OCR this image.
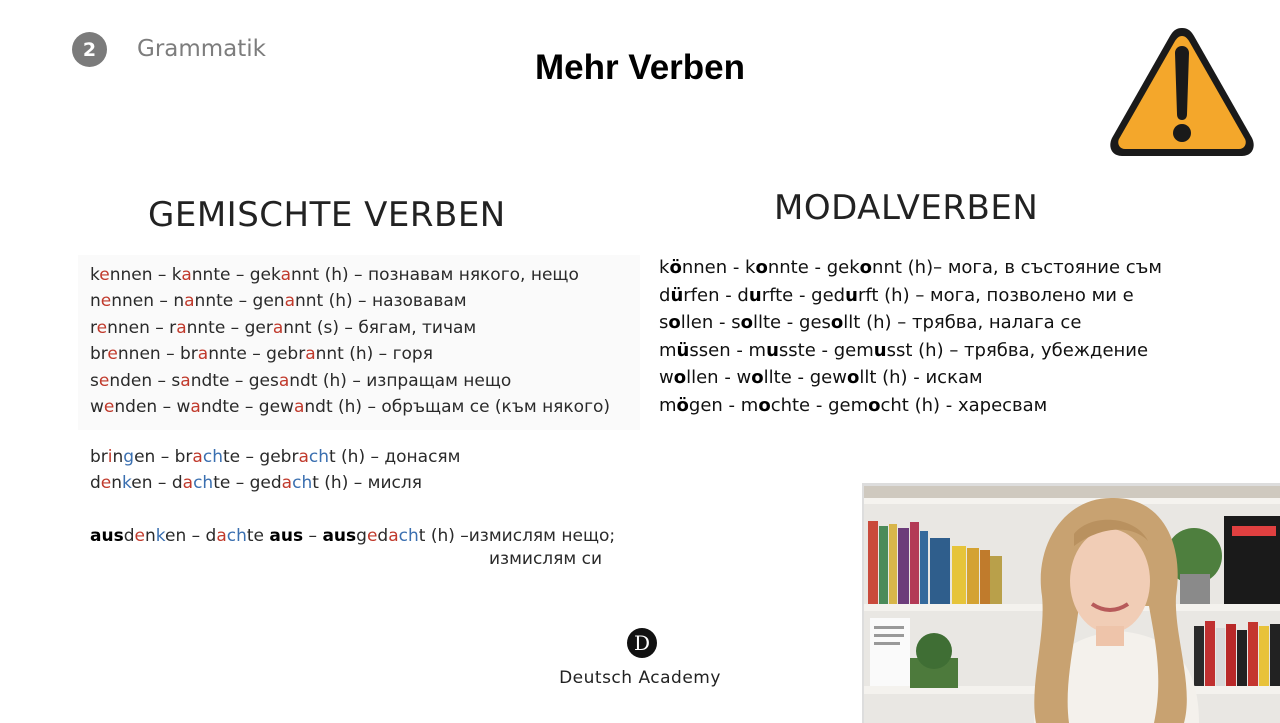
2	Grammatik	Mehr Verben
GEMISCHTE VERBEN	MODALVERBEN
kennen – kannte – gekannt (h) – познавам някого, нещо
nennen – nannte – genannt (h) – назовавам
rennen – rannte – gerannt (s) – бягам, тичам
brennen – brannte – gebrannt (h) – горя
senden – sandte – gesandt (h) – изпращам нещо
wenden – wandte – gewandt (h) – обръщам се (към някого)
bringen – brachte – gebracht (h) – донасям
denken – dachte – gedacht (h) – мисля
ausdenken – dachte aus – ausgedacht (h) –измислям нещо;
измислям си
können - konnte - gekonnt (h)– мога, в състояние съм
dürfen - durfte - gedurft (h) – мога, позволено ми е
sollen - sollte - gesollt (h) – трябва, налага се
müssen - musste - gemusst (h) – трябва, убеждение
wollen - wollte - gewollt (h) - искам
mögen - mochte - gemocht (h) - харесвам
D
Deutsch Academy
